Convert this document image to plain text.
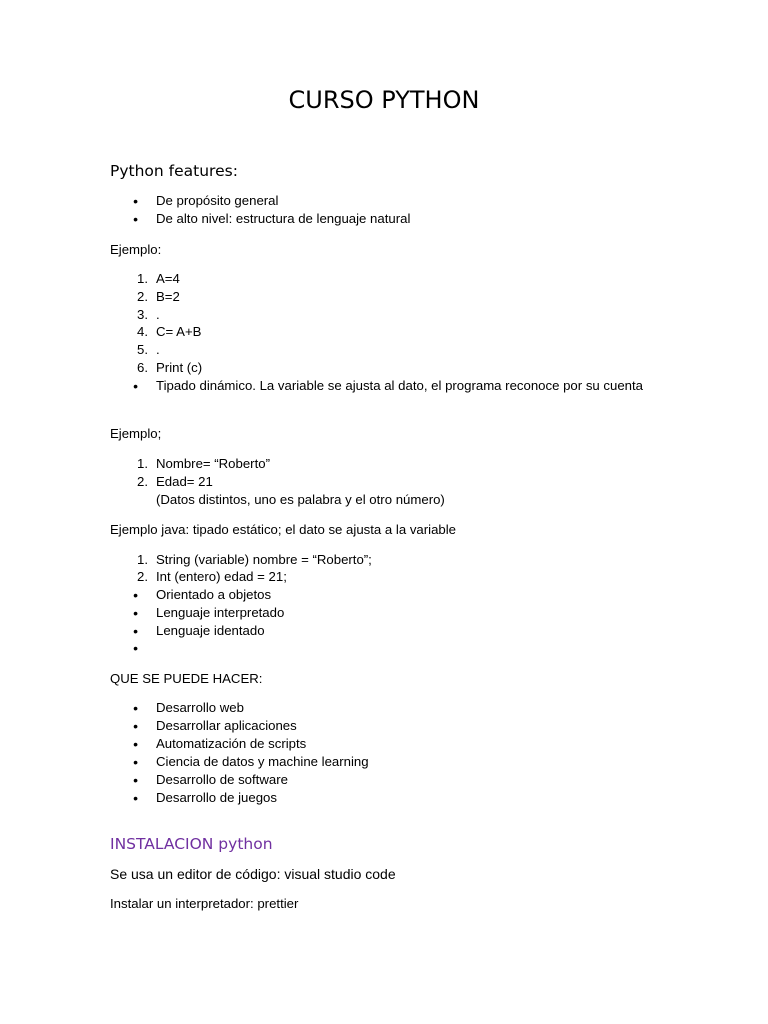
CURSO PYTHON
Python features:
• De propósito general
• De alto nivel: estructura de lenguaje natural
Ejemplo:
1. A=4
2. B=2
3. .
4. C= A+B
5. .
6. Print (c)
• Tipado dinámico. La variable se ajusta al dato, el programa reconoce por su cuenta
Ejemplo;
1. Nombre= “Roberto”
2. Edad= 21
(Datos distintos, uno es palabra y el otro número)
Ejemplo java: tipado estático; el dato se ajusta a la variable
1. String (variable) nombre = “Roberto”;
2. Int (entero) edad = 21;
• Orientado a objetos
• Lenguaje interpretado
• Lenguaje identado
•
QUE SE PUEDE HACER:
• Desarrollo web
• Desarrollar aplicaciones
• Automatización de scripts
• Ciencia de datos y machine learning
• Desarrollo de software
• Desarrollo de juegos
INSTALACION python
Se usa un editor de código: visual studio code
Instalar un interpretador: prettier
